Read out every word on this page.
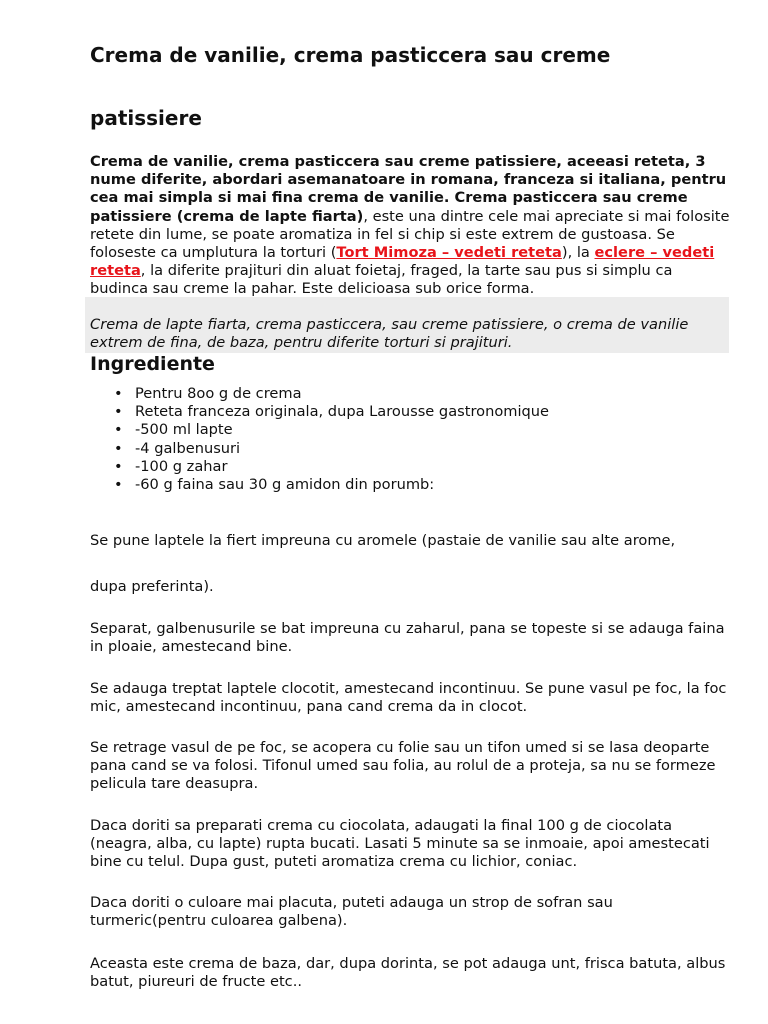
Crema de vanilie, crema pasticcera sau creme
patissiere

Crema de vanilie, crema pasticcera sau creme patissiere, aceeasi reteta, 3 nume diferite, abordari asemanatoare in romana, franceza si italiana, pentru cea mai simpla si mai fina crema de vanilie. Crema pasticcera sau creme patissiere (crema de lapte fiarta), este una dintre cele mai apreciate si mai folosite retete din lume, se poate aromatiza in fel si chip si este extrem de gustoasa. Se foloseste ca umplutura la torturi (Tort Mimoza – vedeti reteta), la eclere – vedeti reteta, la diferite prajituri din aluat foietaj, fraged, la tarte sau pus si simplu ca budinca sau creme la pahar. Este delicioasa sub orice forma.

Crema de lapte fiarta, crema pasticcera, sau creme patissiere, o crema de vanilie extrem de fina, de baza, pentru diferite torturi si prajituri.

Ingrediente
• Pentru 8oo g de crema
• Reteta franceza originala, dupa Larousse gastronomique
• -500 ml lapte
• -4 galbenusuri
• -100 g zahar
• -60 g faina sau 30 g amidon din porumb:

Se pune laptele la fiert impreuna cu aromele (pastaie de vanilie sau alte arome,

dupa preferinta).

Separat, galbenusurile se bat impreuna cu zaharul, pana se topeste si se adauga faina in ploaie, amestecand bine.

Se adauga treptat laptele clocotit, amestecand incontinuu. Se pune vasul pe foc, la foc mic, amestecand incontinuu, pana cand crema da in clocot.

Se retrage vasul de pe foc, se acopera cu folie sau un tifon umed si se lasa deoparte pana cand se va folosi. Tifonul umed sau folia, au rolul de a proteja, sa nu se formeze pelicula tare deasupra.

Daca doriti sa preparati crema cu ciocolata, adaugati la final 100 g de ciocolata (neagra, alba, cu lapte) rupta bucati. Lasati 5 minute sa se inmoaie, apoi amestecati bine cu telul. Dupa gust, puteti aromatiza crema cu lichior, coniac.

Daca doriti o culoare mai placuta, puteti adauga un strop de sofran sau turmeric(pentru culoarea galbena).

Aceasta este crema de baza, dar, dupa dorinta, se pot adauga unt, frisca batuta, albus batut, piureuri de fructe etc..
